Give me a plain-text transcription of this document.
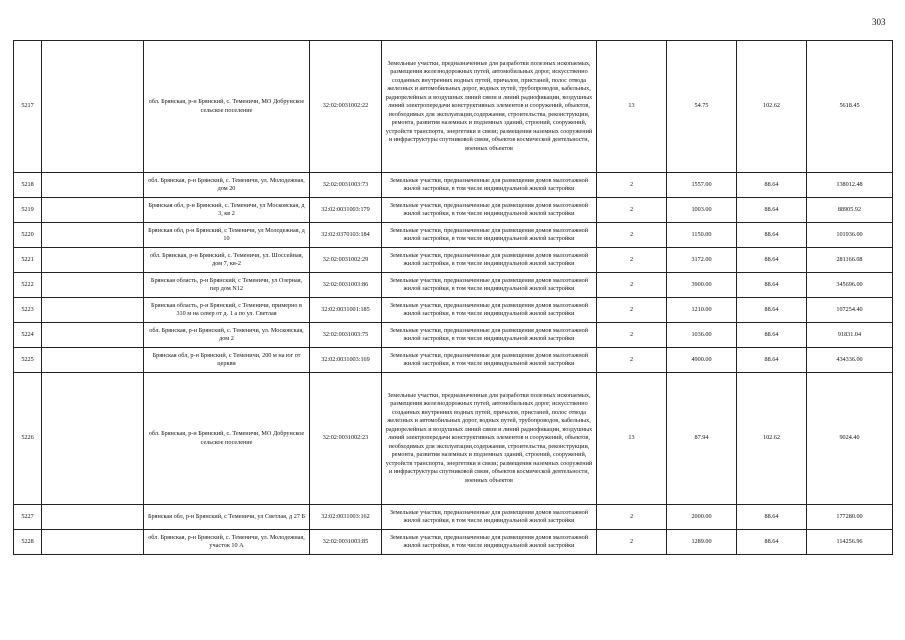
303
5217		обл. Брянская, р-н Брянский, с. Теменичи, МО Добрунское сельское поселение	32:02:0031002:22	Земельные участки, предназначенные для разработки полезных ископаемых, размещения железнодорожных путей, автомобильных дорог, искусственно созданных внутренних водных путей, причалов, пристаней, полос отвода железных и автомобильных дорог, водных путей, трубопроводов, кабельных, радиорелейных и воздушных линий связи и линий радиофикации, воздушных линий электропередачи конструктивных элементов и сооружений, объектов, необходимых для эксплуатации,содержания, строительства, реконструкции, ремонта, развития наземных и подземных зданий, строений, сооружений, устройств транспорта, энергетики и связи; размещения наземных сооружений и инфраструктуры спутниковой связи, объектов космической деятельности, военных объектов	13	54.75	102.62	5618.45
5218		обл. Брянская, р-н Брянский, с. Теменичи, ул. Молодежная, дом 20	32:02:0031003:73	Земельные участки, предназначенные для размещения домов малоэтажной жилой застройки, в том числе индивидуальной жилой застройки	2	1557.00	88.64	138012.48
5219		Брянская обл, р-н Брянский, с. Теменичи, ул Московская, д 3, кв 2	32:02:0031003:179	Земельные участки, предназначенные для размещения домов малоэтажной жилой застройки, в том числе индивидуальной жилой застройки	2	1003.00	88.64	88905.92
5220		Брянская обл, р-н Брянский, с Теменичи, ул Молодежная, д 10	32:02:0370103:184	Земельные участки, предназначенные для размещения домов малоэтажной жилой застройки, в том числе индивидуальной жилой застройки	2	1150.00	88.64	101936.00
5221		обл. Брянская, р-н Брянский, с. Теменичи, ул. Шоссейная, дом 7, кв-2	32:02:0031002:29	Земельные участки, предназначенные для размещения домов малоэтажной жилой застройки, в том числе индивидуальной жилой застройки	2	3172.00	88.64	281166.08
5222		Брянская область, р-н Брянский, с Теменичи, ул Озерная, пер дом N12	32:02:0031003:86	Земельные участки, предназначенные для размещения домов малоэтажной жилой застройки, в том числе индивидуальной жилой застройки	2	3900.00	88.64	345696.00
5223		Брянская область, р-н Брянский, с Теменичи, примерно в 310 м на север от д. 1 а по ул. Светлая	32:02:0031001:185	Земельные участки, предназначенные для размещения домов малоэтажной жилой застройки, в том числе индивидуальной жилой застройки	2	1210.00	88.64	107254.40
5224		обл. Брянская, р-н Брянский, с. Теменичи, ул. Московская, дом 2	32:02:0031003:75	Земельные участки, предназначенные для размещения домов малоэтажной жилой застройки, в том числе индивидуальной жилой застройки	2	1036.00	88.64	91831.04
5225		Брянская обл, р-н Брянский, с Теменичи, 200 м на юг от церкви	32:02:0031003:169	Земельные участки, предназначенные для размещения домов малоэтажной жилой застройки, в том числе индивидуальной жилой застройки	2	4900.00	88.64	434336.00
5226		обл. Брянская, р-н Брянский, с. Теменичи, МО Добрунское сельское поселение	32:02:0031002:23	Земельные участки, предназначенные для разработки полезных ископаемых, размещения железнодорожных путей, автомобильных дорог, искусственно созданных внутренних водных путей, причалов, пристаней, полос отвода железных и автомобильных дорог, водных путей, трубопроводов, кабельных, радиорелейных и воздушных линий связи и линий радиофикации, воздушных линий электропередачи конструктивных элементов и сооружений, объектов, необходимых для эксплуатации,содержания, строительства, реконструкции, ремонта, развития наземных и подземных зданий, строений, сооружений, устройств транспорта, энергетики и связи; размещения наземных сооружений и инфраструктуры спутниковой связи, объектов космической деятельности, военных объектов	13	87.94	102.62	9024.40
5227		Брянская обл, р-н Брянский, с Теменичи, ул Светлая, д 27 Б	32:02:0031003:162	Земельные участки, предназначенные для размещения домов малоэтажной жилой застройки, в том числе индивидуальной жилой застройки	2	2000.00	88.64	177280.00
5228		обл. Брянская, р-н Брянский, с. Теменичи, ул. Молодежная, участок 10 А	32:02:0031003:85	Земельные участки, предназначенные для размещения домов малоэтажной жилой застройки, в том числе индивидуальной жилой застройки	2	1289.00	88.64	114256.96
